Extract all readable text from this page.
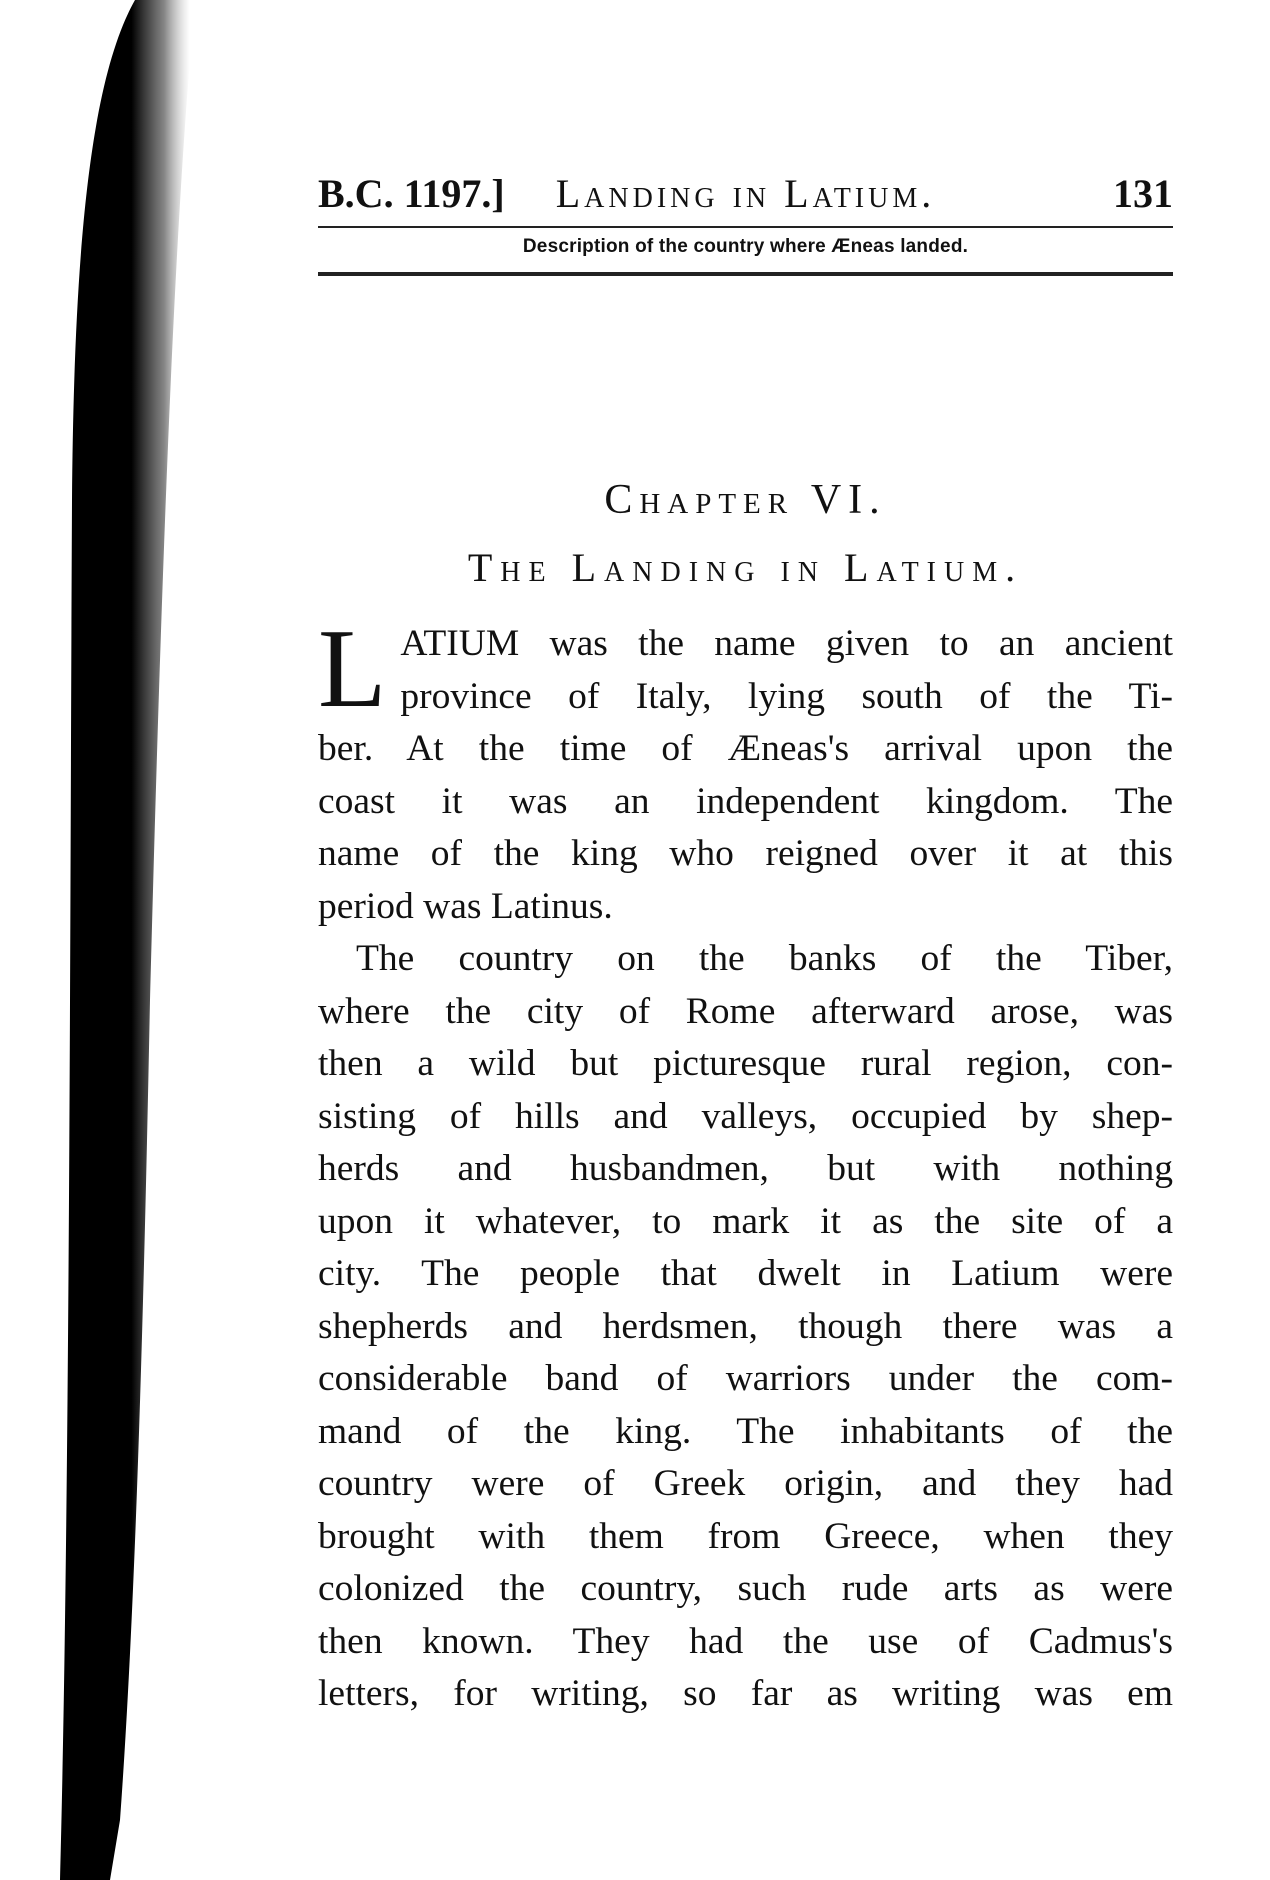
B.C. 1197.]	Landing in Latium.	131
Description of the country where Æneas landed.
Chapter VI.
The Landing in Latium.
L ATIUM was the name given to an ancient
province of Italy, lying south of the Ti-
ber. At the time of Æneas's arrival upon the
coast it was an independent kingdom. The
name of the king who reigned over it at this
period was Latinus.
The country on the banks of the Tiber,
where the city of Rome afterward arose, was
then a wild but picturesque rural region, con-
sisting of hills and valleys, occupied by shep-
herds and husbandmen, but with nothing
upon it whatever, to mark it as the site of a
city. The people that dwelt in Latium were
shepherds and herdsmen, though there was a
considerable band of warriors under the com-
mand of the king. The inhabitants of the
country were of Greek origin, and they had
brought with them from Greece, when they
colonized the country, such rude arts as were
then known. They had the use of Cadmus's
letters, for writing, so far as writing was em
